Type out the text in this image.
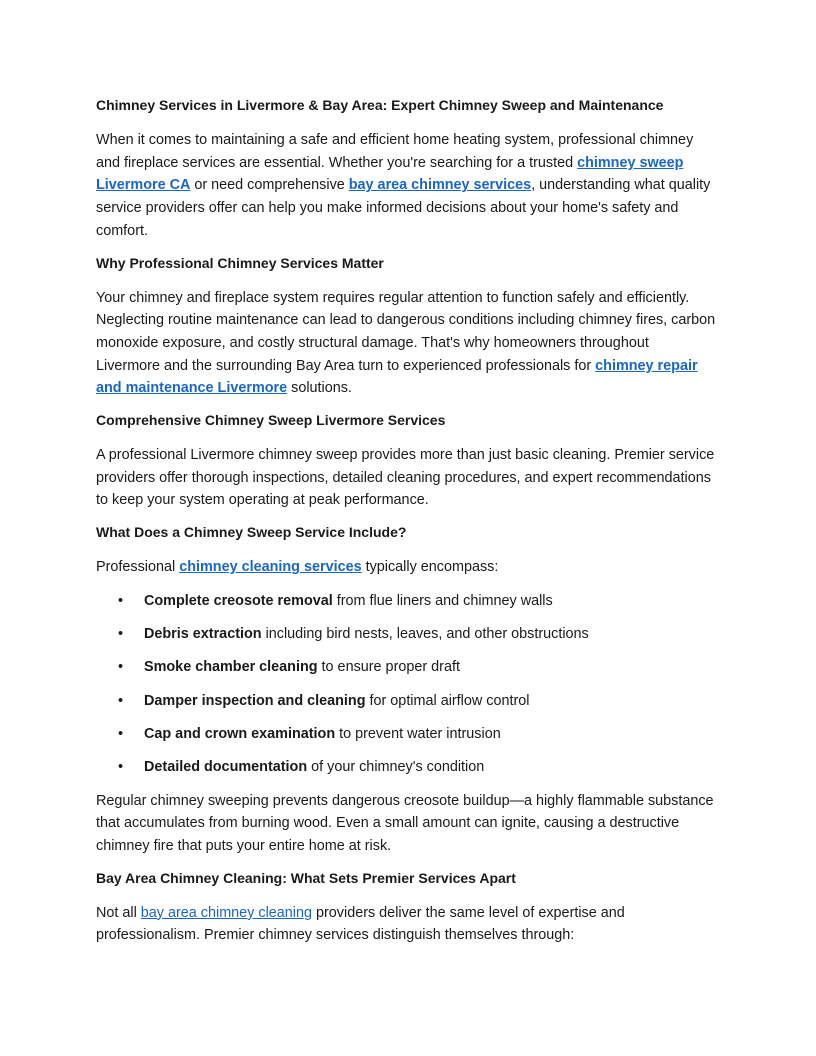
Chimney Services in Livermore & Bay Area: Expert Chimney Sweep and Maintenance

When it comes to maintaining a safe and efficient home heating system, professional chimney and fireplace services are essential. Whether you're searching for a trusted chimney sweep Livermore CA or need comprehensive bay area chimney services, understanding what quality service providers offer can help you make informed decisions about your home's safety and comfort.

Why Professional Chimney Services Matter

Your chimney and fireplace system requires regular attention to function safely and efficiently. Neglecting routine maintenance can lead to dangerous conditions including chimney fires, carbon monoxide exposure, and costly structural damage. That's why homeowners throughout Livermore and the surrounding Bay Area turn to experienced professionals for chimney repair and maintenance Livermore solutions.

Comprehensive Chimney Sweep Livermore Services

A professional Livermore chimney sweep provides more than just basic cleaning. Premier service providers offer thorough inspections, detailed cleaning procedures, and expert recommendations to keep your system operating at peak performance.

What Does a Chimney Sweep Service Include?

Professional chimney cleaning services typically encompass:

• Complete creosote removal from flue liners and chimney walls
• Debris extraction including bird nests, leaves, and other obstructions
• Smoke chamber cleaning to ensure proper draft
• Damper inspection and cleaning for optimal airflow control
• Cap and crown examination to prevent water intrusion
• Detailed documentation of your chimney's condition

Regular chimney sweeping prevents dangerous creosote buildup—a highly flammable substance that accumulates from burning wood. Even a small amount can ignite, causing a destructive chimney fire that puts your entire home at risk.

Bay Area Chimney Cleaning: What Sets Premier Services Apart

Not all bay area chimney cleaning providers deliver the same level of expertise and professionalism. Premier chimney services distinguish themselves through:
